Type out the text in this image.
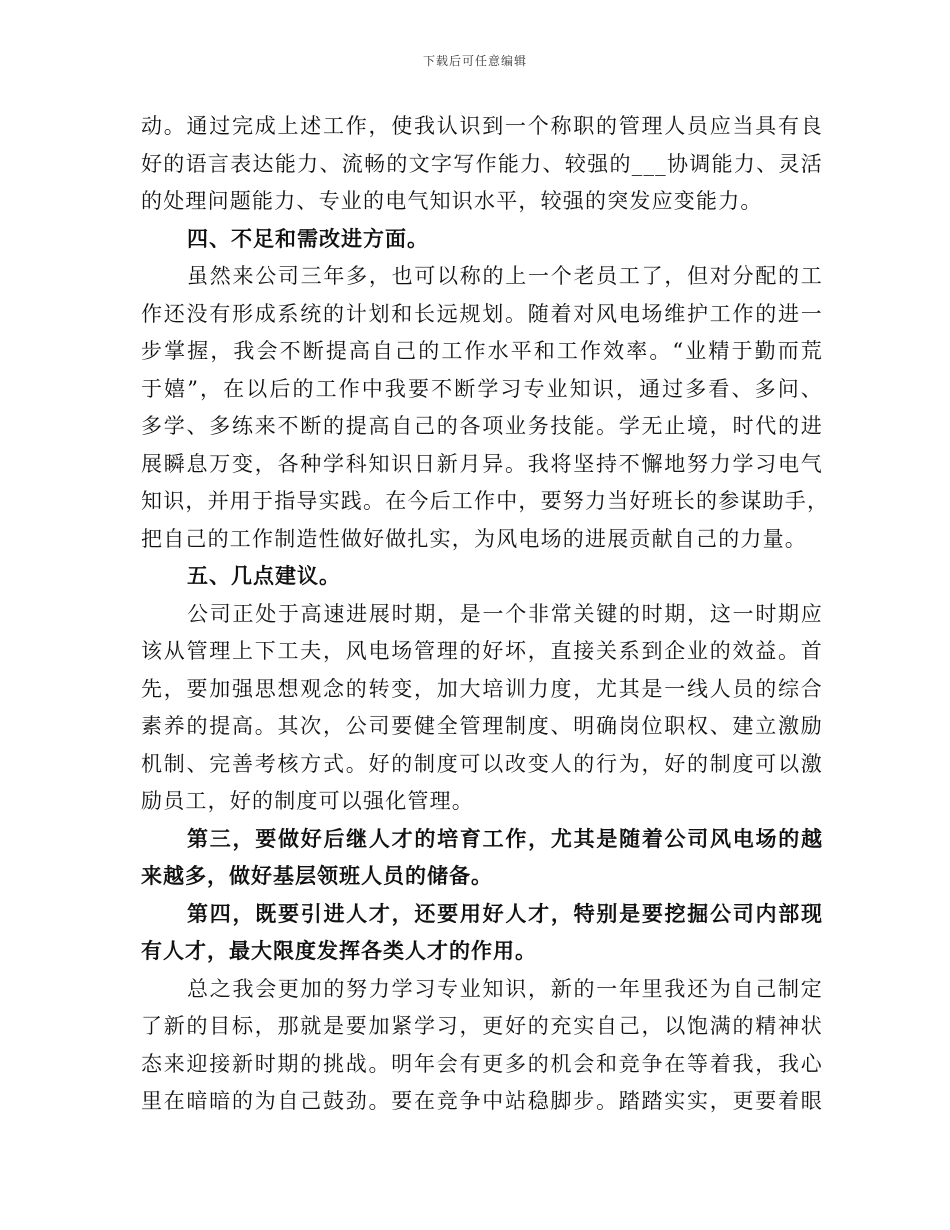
下载后可任意编辑
动。通过完成上述工作，使我认识到一个称职的管理人员应当具有良
好的语言表达能力、流畅的文字写作能力、较强的___协调能力、灵活
的处理问题能力、专业的电气知识水平，较强的突发应变能力。
四、不足和需改进方面。
虽然来公司三年多，也可以称的上一个老员工了，但对分配的工
作还没有形成系统的计划和长远规划。随着对风电场维护工作的进一
步掌握，我会不断提高自己的工作水平和工作效率。“业精于勤而荒
于嬉”，在以后的工作中我要不断学习专业知识，通过多看、多问、
多学、多练来不断的提高自己的各项业务技能。学无止境，时代的进
展瞬息万变，各种学科知识日新月异。我将坚持不懈地努力学习电气
知识，并用于指导实践。在今后工作中，要努力当好班长的参谋助手，
把自己的工作制造性做好做扎实，为风电场的进展贡献自己的力量。
五、几点建议。
公司正处于高速进展时期，是一个非常关键的时期，这一时期应
该从管理上下工夫，风电场管理的好坏，直接关系到企业的效益。首
先，要加强思想观念的转变，加大培训力度，尤其是一线人员的综合
素养的提高。其次，公司要健全管理制度、明确岗位职权、建立激励
机制、完善考核方式。好的制度可以改变人的行为，好的制度可以激
励员工，好的制度可以强化管理。
第三，要做好后继人才的培育工作，尤其是随着公司风电场的越
来越多，做好基层领班人员的储备。
第四，既要引进人才，还要用好人才，特别是要挖掘公司内部现
有人才，最大限度发挥各类人才的作用。
总之我会更加的努力学习专业知识，新的一年里我还为自己制定
了新的目标，那就是要加紧学习，更好的充实自己，以饱满的精神状
态来迎接新时期的挑战。明年会有更多的机会和竞争在等着我，我心
里在暗暗的为自己鼓劲。要在竞争中站稳脚步。踏踏实实，更要着眼
